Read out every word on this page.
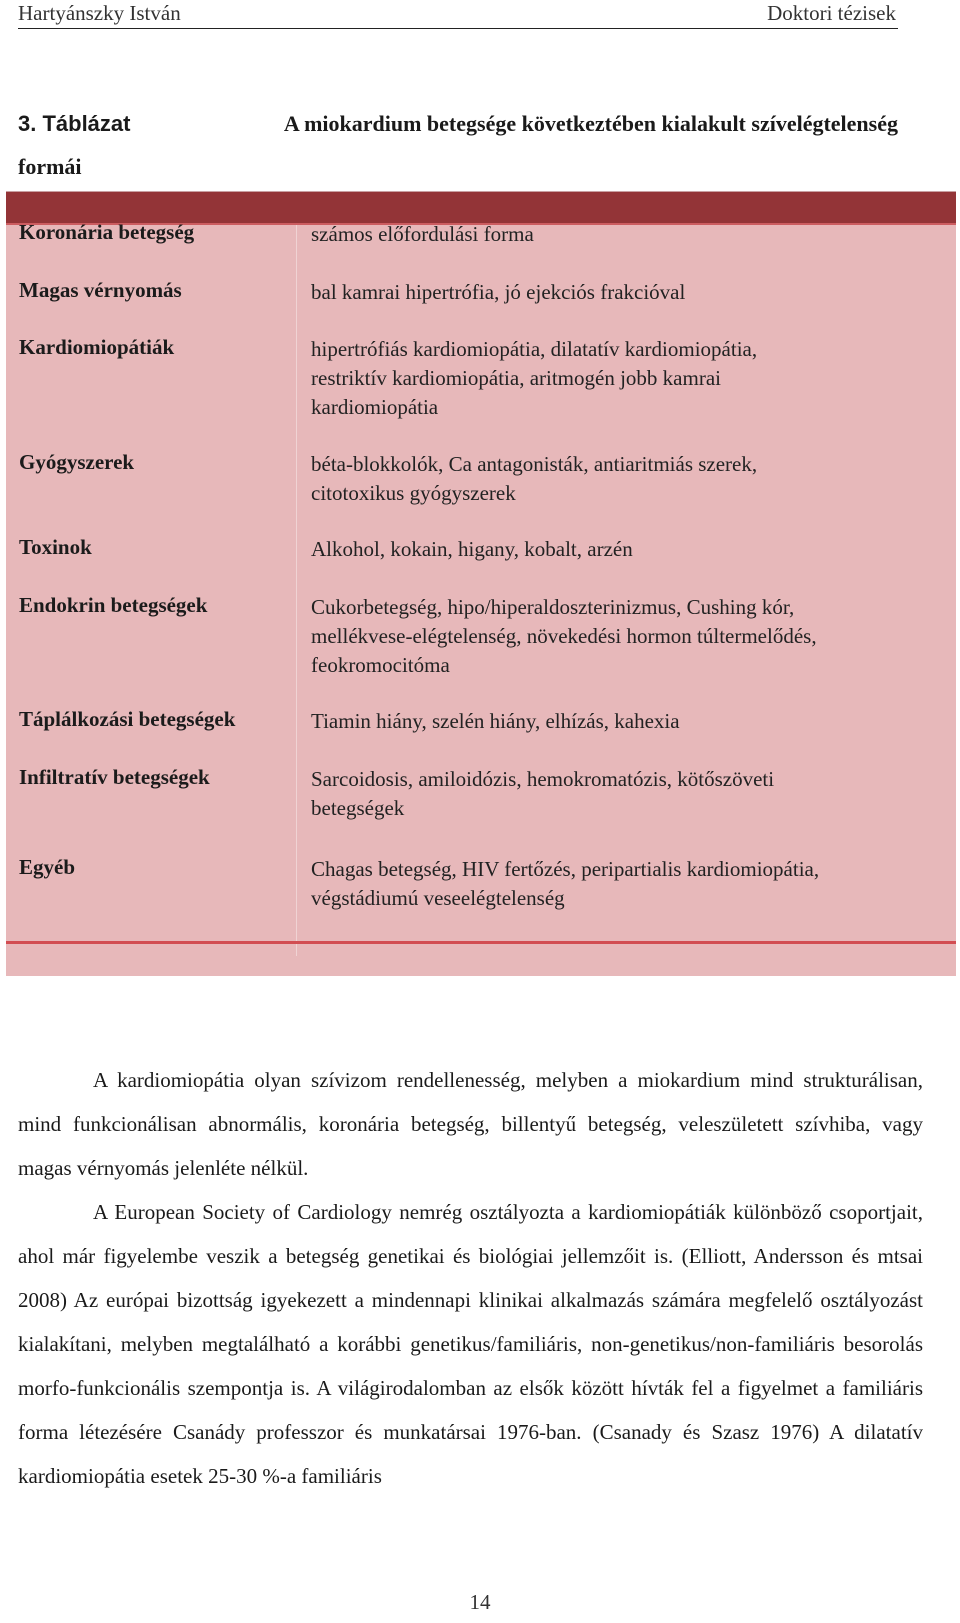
Hartyánszky István	Doktori tézisek
3. Táblázat	A miokardium betegsége következtében kialakult szívelégtelenség
formái
Koronária betegség	számos előfordulási forma
Magas vérnyomás	bal kamrai hipertrófia, jó ejekciós frakcióval
Kardiomiopátiák	hipertrófiás kardiomiopátia, dilatatív kardiomiopátia,
restriktív kardiomiopátia, aritmogén jobb kamrai
kardiomiopátia
Gyógyszerek	béta-blokkolók, Ca antagonisták, antiaritmiás szerek,
citotoxikus gyógyszerek
Toxinok	Alkohol, kokain, higany, kobalt, arzén
Endokrin betegségek	Cukorbetegség, hipo/hiperaldoszterinizmus, Cushing kór,
mellékvese-elégtelenség, növekedési hormon túltermelődés,
feokromocitóma
Táplálkozási betegségek	Tiamin hiány, szelén hiány, elhízás, kahexia
Infiltratív betegségek	Sarcoidosis, amiloidózis, hemokromatózis, kötőszöveti
betegségek
Egyéb	Chagas betegség, HIV fertőzés, peripartialis kardiomiopátia,
végstádiumú veseelégtelenség

A kardiomiopátia olyan szívizom rendellenesség, melyben a miokardium mind strukturálisan, mind funkcionálisan abnormális, koronária betegség, billentyű betegség, veleszületett szívhiba, vagy magas vérnyomás jelenléte nélkül.

A European Society of Cardiology nemrég osztályozta a kardiomiopátiák különböző csoportjait, ahol már figyelembe veszik a betegség genetikai és biológiai jellemzőit is. (Elliott, Andersson és mtsai 2008) Az európai bizottság igyekezett a mindennapi klinikai alkalmazás számára megfelelő osztályozást kialakítani, melyben megtalálható a korábbi genetikus/familiáris, non-genetikus/non-familiáris besorolás morfo-funkcionális szempontja is. A világirodalomban az elsők között hívták fel a figyelmet a familiáris forma létezésére Csanády professzor és munkatársai 1976-ban. (Csanady és Szasz 1976) A dilatatív kardiomiopátia esetek 25-30 %-a familiáris

14
